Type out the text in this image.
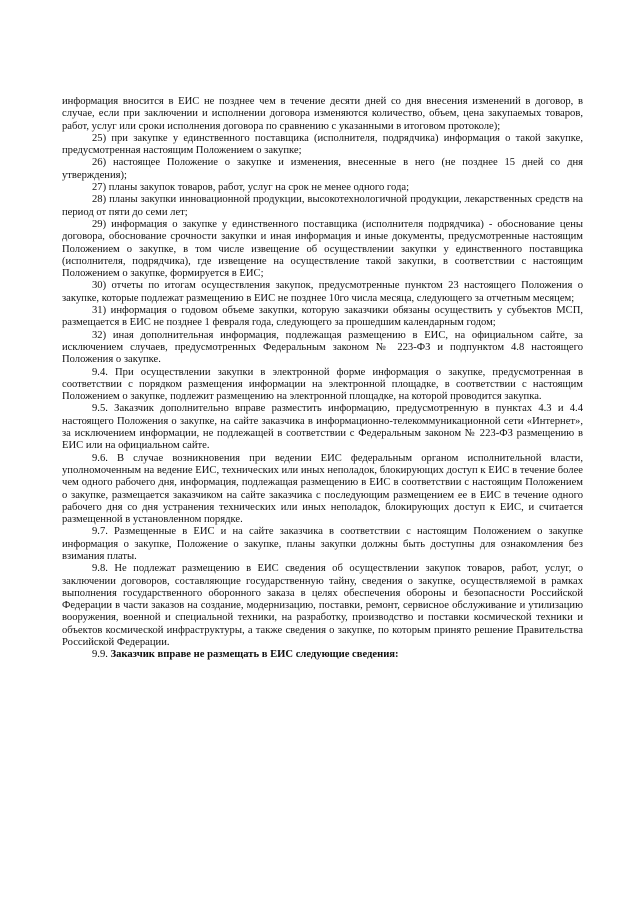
информация вносится в ЕИС не позднее чем в течение десяти дней со дня внесения изменений в договор, в случае, если при заключении и исполнении договора изменяются количество, объем, цена закупаемых товаров, работ, услуг или сроки исполнения договора по сравнению с указанными в итоговом протоколе);

25) при закупке у единственного поставщика (исполнителя, подрядчика) информация о такой закупке, предусмотренная настоящим Положением о закупке;

26) настоящее Положение о закупке и изменения, внесенные в него (не позднее 15 дней со дня утверждения);

27) планы закупок товаров, работ, услуг на срок не менее одного года;

28) планы закупки инновационной продукции, высокотехнологичной продукции, лекарственных средств на период от пяти до семи лет;

29) информация о закупке у единственного поставщика (исполнителя подрядчика) - обоснование цены договора, обоснование срочности закупки и иная информация и иные документы, предусмотренные настоящим Положением о закупке, в том числе извещение об осуществлении закупки у единственного поставщика (исполнителя, подрядчика), где извещение на осуществление такой закупки, в соответствии с настоящим Положением о закупке, формируется в ЕИС;

30) отчеты по итогам осуществления закупок, предусмотренные пунктом 23 настоящего Положения о закупке, которые подлежат размещению в ЕИС не позднее 10го числа месяца, следующего за отчетным месяцем;

31) информация о годовом объеме закупки, которую заказчики обязаны осуществить у субъектов МСП, размещается в ЕИС не позднее 1 февраля года, следующего за прошедшим календарным годом;

32) иная дополнительная информация, подлежащая размещению в ЕИС, на официальном сайте, за исключением случаев, предусмотренных Федеральным законом № 223-ФЗ и подпунктом 4.8 настоящего Положения о закупке.

9.4. При осуществлении закупки в электронной форме информация о закупке, предусмотренная в соответствии с порядком размещения информации на электронной площадке, в соответствии с настоящим Положением о закупке, подлежит размещению на электронной площадке, на которой проводится закупка.

9.5. Заказчик дополнительно вправе разместить информацию, предусмотренную в пунктах 4.3 и 4.4 настоящего Положения о закупке, на сайте заказчика в информационно-телекоммуникационной сети «Интернет», за исключением информации, не подлежащей в соответствии с Федеральным законом № 223-ФЗ размещению в ЕИС или на официальном сайте.

9.6. В случае возникновения при ведении ЕИС федеральным органом исполнительной власти, уполномоченным на ведение ЕИС, технических или иных неполадок, блокирующих доступ к ЕИС в течение более чем одного рабочего дня, информация, подлежащая размещению в ЕИС в соответствии с настоящим Положением о закупке, размещается заказчиком на сайте заказчика с последующим размещением ее в ЕИС в течение одного рабочего дня со дня устранения технических или иных неполадок, блокирующих доступ к ЕИС, и считается размещенной в установленном порядке.

9.7. Размещенные в ЕИС и на сайте заказчика в соответствии с настоящим Положением о закупке информация о закупке, Положение о закупке, планы закупки должны быть доступны для ознакомления без взимания платы.

9.8. Не подлежат размещению в ЕИС сведения об осуществлении закупок товаров, работ, услуг, о заключении договоров, составляющие государственную тайну, сведения о закупке, осуществляемой в рамках выполнения государственного оборонного заказа в целях обеспечения обороны и безопасности Российской Федерации в части заказов на создание, модернизацию, поставки, ремонт, сервисное обслуживание и утилизацию вооружения, военной и специальной техники, на разработку, производство и поставки космической техники и объектов космической инфраструктуры, а также сведения о закупке, по которым принято решение Правительства Российской Федерации.

9.9. Заказчик вправе не размещать в ЕИС следующие сведения:
